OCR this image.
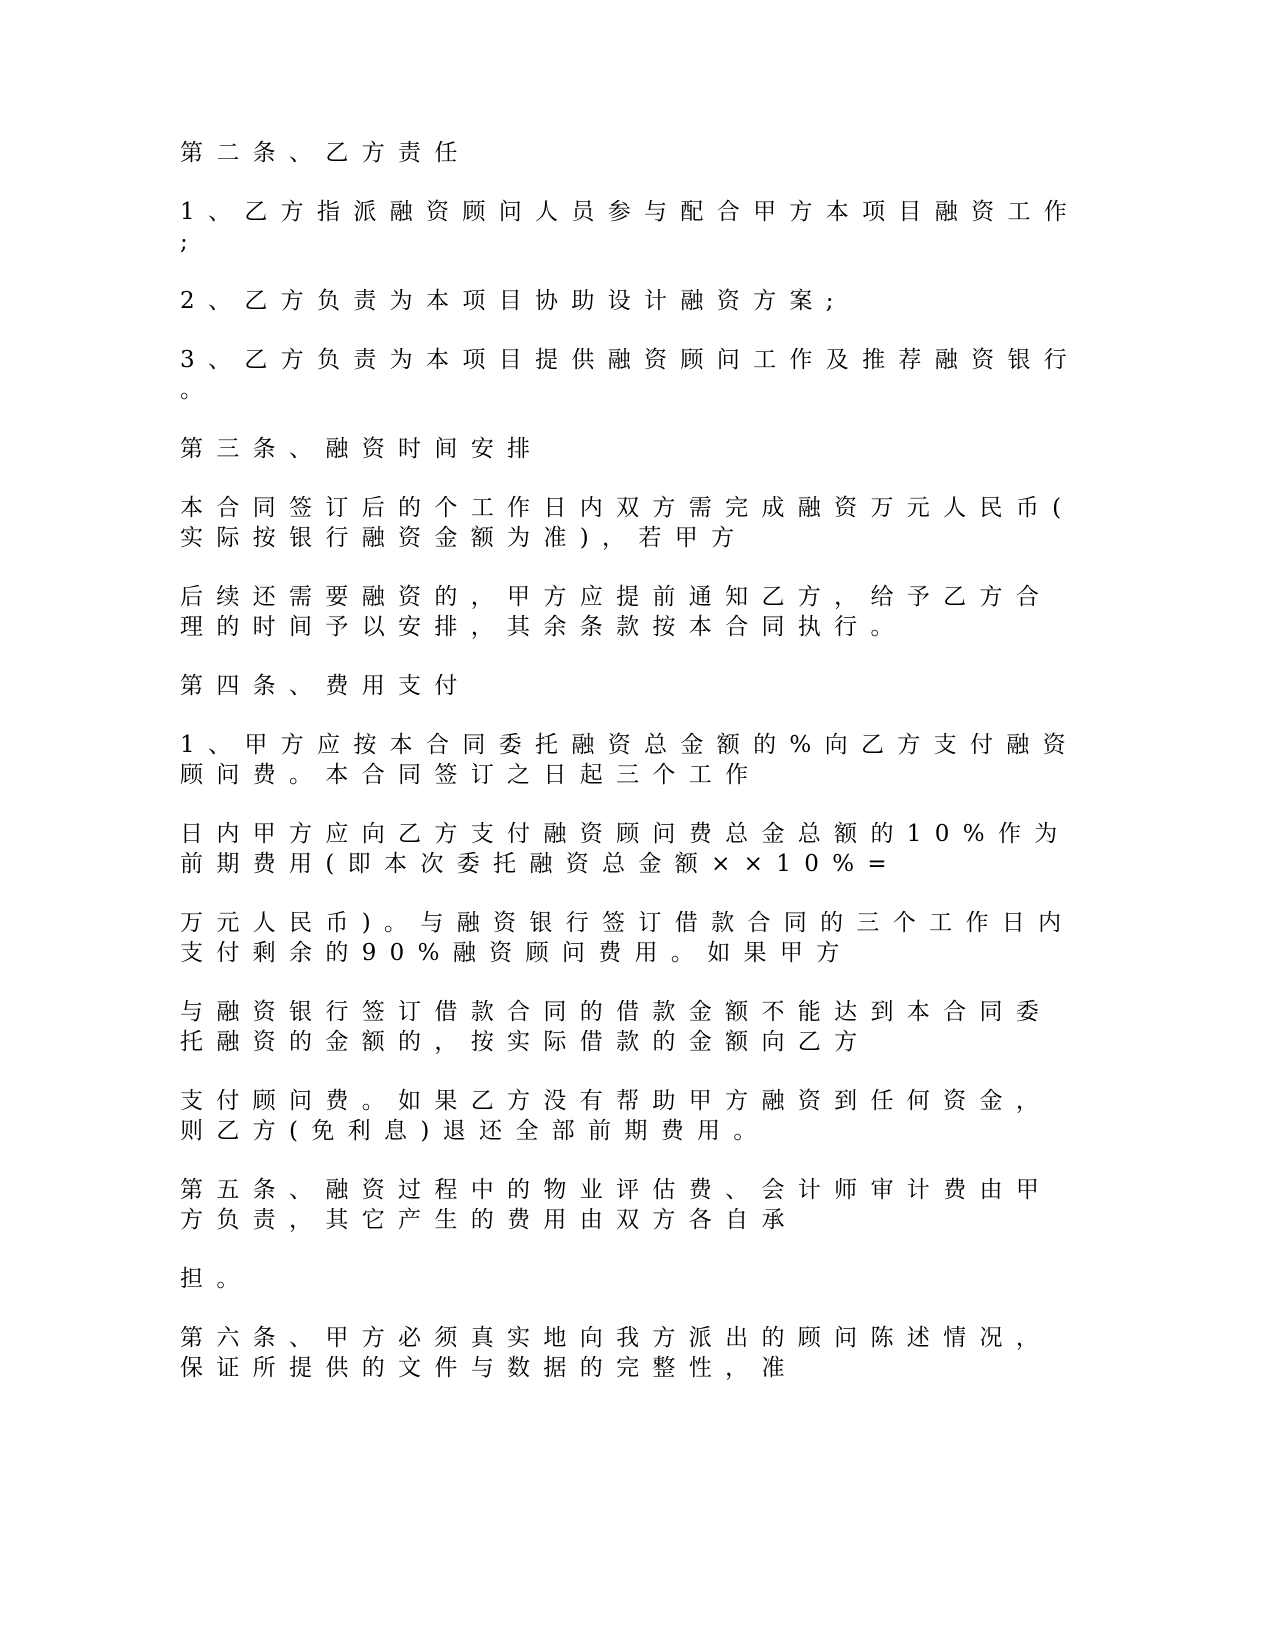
第二条、乙方责任

1、乙方指派融资顾问人员参与配合甲方本项目融资工作
;

2、乙方负责为本项目协助设计融资方案;

3、乙方负责为本项目提供融资顾问工作及推荐融资银行
。

第三条、融资时间安排

本合同签订后的个工作日内双方需完成融资万元人民币(
实际按银行融资金额为准)，若甲方

后续还需要融资的，甲方应提前通知乙方，给予乙方合
理的时间予以安排，其余条款按本合同执行。

第四条、费用支付

1、甲方应按本合同委托融资总金额的%向乙方支付融资
顾问费。本合同签订之日起三个工作

日内甲方应向乙方支付融资顾问费总金总额的10%作为
前期费用(即本次委托融资总金额××10%=

万元人民币)。与融资银行签订借款合同的三个工作日内
支付剩余的90%融资顾问费用。如果甲方

与融资银行签订借款合同的借款金额不能达到本合同委
托融资的金额的，按实际借款的金额向乙方

支付顾问费。如果乙方没有帮助甲方融资到任何资金，
则乙方(免利息)退还全部前期费用。

第五条、融资过程中的物业评估费、会计师审计费由甲
方负责，其它产生的费用由双方各自承

担。

第六条、甲方必须真实地向我方派出的顾问陈述情况，
保证所提供的文件与数据的完整性，准
